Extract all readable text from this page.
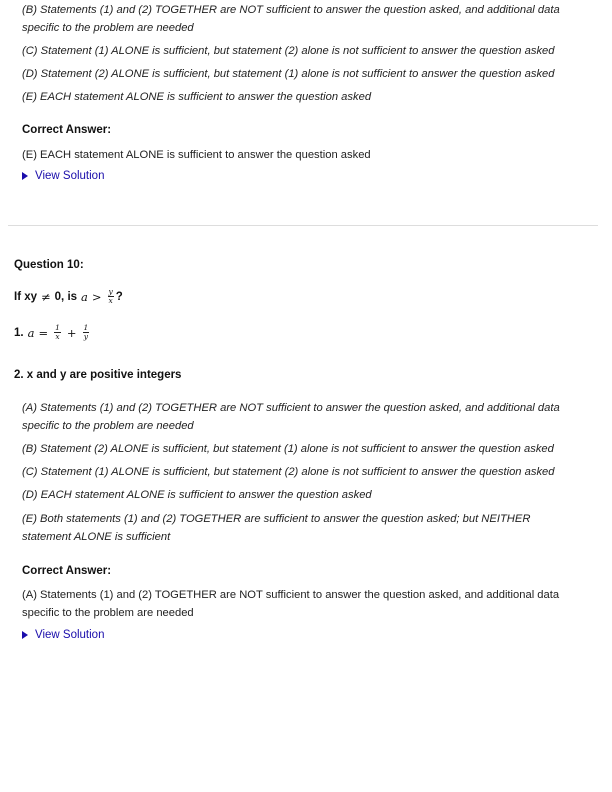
(B) Statements (1) and (2) TOGETHER are NOT sufficient to answer the question asked, and additional data specific to the problem are needed
(C) Statement (1) ALONE is sufficient, but statement (2) alone is not sufficient to answer the question asked
(D) Statement (2) ALONE is sufficient, but statement (1) alone is not sufficient to answer the question asked
(E) EACH statement ALONE is sufficient to answer the question asked
Correct Answer:
(E) EACH statement ALONE is sufficient to answer the question asked
View Solution
Question 10:
If xy ≠ 0, is $a > \frac{y}{x}$ ?
1. $a = \frac{1}{x} + \frac{1}{y}$
2. x and y are positive integers
(A) Statements (1) and (2) TOGETHER are NOT sufficient to answer the question asked, and additional data specific to the problem are needed
(B) Statement (2) ALONE is sufficient, but statement (1) alone is not sufficient to answer the question asked
(C) Statement (1) ALONE is sufficient, but statement (2) alone is not sufficient to answer the question asked
(D) EACH statement ALONE is sufficient to answer the question asked
(E) Both statements (1) and (2) TOGETHER are sufficient to answer the question asked; but NEITHER statement ALONE is sufficient
Correct Answer:
(A) Statements (1) and (2) TOGETHER are NOT sufficient to answer the question asked, and additional data specific to the problem are needed
View Solution
